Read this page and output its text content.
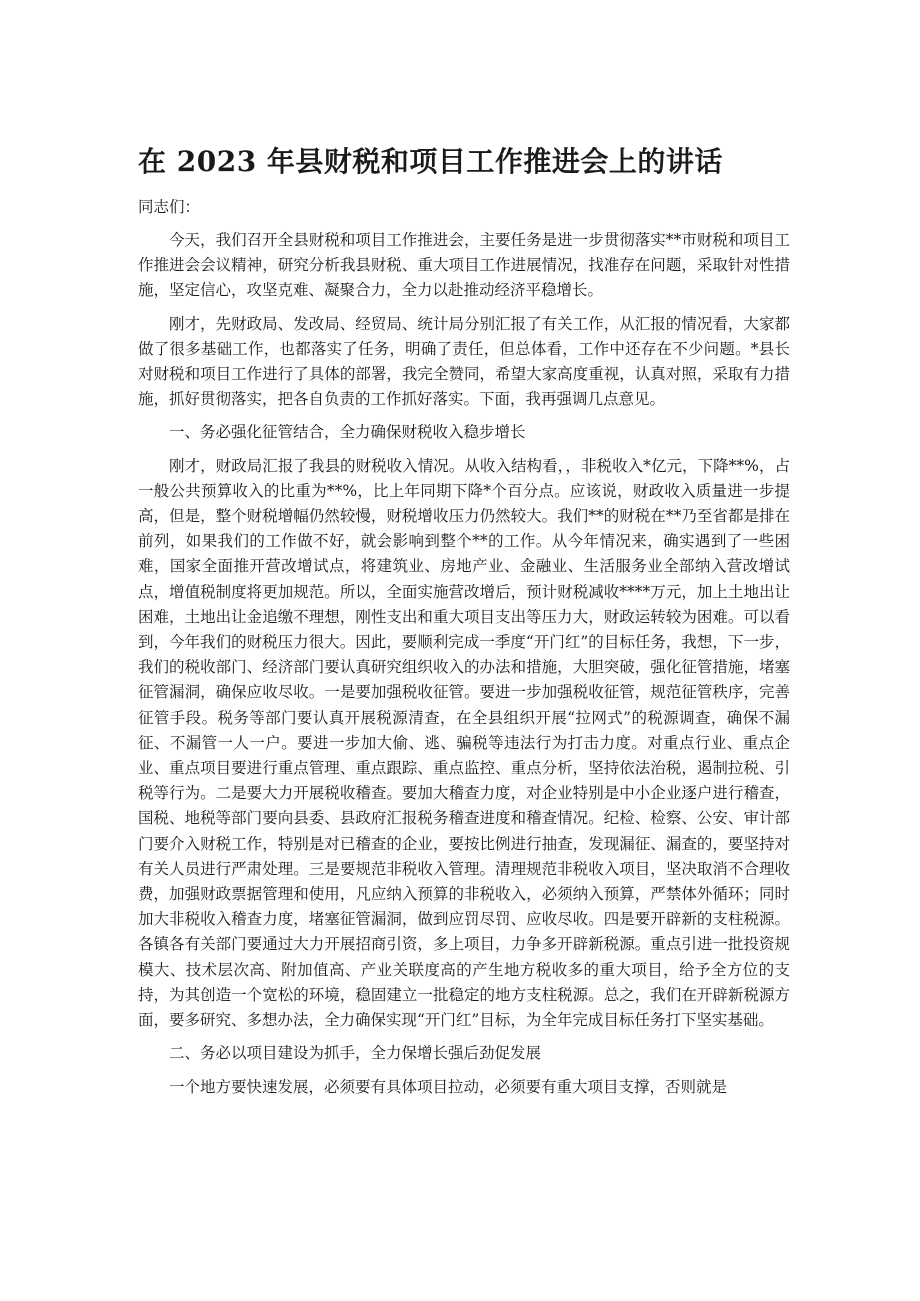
在 2023 年县财税和项目工作推进会上的讲话

同志们：

今天，我们召开全县财税和项目工作推进会，主要任务是进一步贯彻落实**市财税和项目工作推进会会议精神，研究分析我县财税、重大项目工作进展情况，找准存在问题，采取针对性措施，坚定信心，攻坚克难、凝聚合力，全力以赴推动经济平稳增长。

刚才，先财政局、发改局、经贸局、统计局分别汇报了有关工作，从汇报的情况看，大家都做了很多基础工作，也都落实了任务，明确了责任，但总体看，工作中还存在不少问题。*县长对财税和项目工作进行了具体的部署，我完全赞同，希望大家高度重视，认真对照，采取有力措施，抓好贯彻落实，把各自负责的工作抓好落实。下面，我再强调几点意见。

一、务必强化征管结合，全力确保财税收入稳步增长

刚才，财政局汇报了我县的财税收入情况。从收入结构看，，非税收入*亿元，下降**%，占一般公共预算收入的比重为**%，比上年同期下降*个百分点。应该说，财政收入质量进一步提高，但是，整个财税增幅仍然较慢，财税增收压力仍然较大。我们**的财税在**乃至省都是排在前列，如果我们的工作做不好，就会影响到整个**的工作。从今年情况来，确实遇到了一些困难，国家全面推开营改增试点，将建筑业、房地产业、金融业、生活服务业全部纳入营改增试点，增值税制度将更加规范。所以，全面实施营改增后，预计财税减收****万元，加上土地出让困难，土地出让金追缴不理想，刚性支出和重大项目支出等压力大，财政运转较为困难。可以看到，今年我们的财税压力很大。因此，要顺利完成一季度“开门红”的目标任务，我想，下一步，我们的税收部门、经济部门要认真研究组织收入的办法和措施，大胆突破，强化征管措施，堵塞征管漏洞，确保应收尽收。一是要加强税收征管。要进一步加强税收征管，规范征管秩序，完善征管手段。税务等部门要认真开展税源清查，在全县组织开展“拉网式”的税源调查，确保不漏征、不漏管一人一户。要进一步加大偷、逃、骗税等违法行为打击力度。对重点行业、重点企业、重点项目要进行重点管理、重点跟踪、重点监控、重点分析，坚持依法治税，遏制拉税、引税等行为。二是要大力开展税收稽查。要加大稽查力度，对企业特别是中小企业逐户进行稽查，国税、地税等部门要向县委、县政府汇报税务稽查进度和稽查情况。纪检、检察、公安、审计部门要介入财税工作，特别是对已稽查的企业，要按比例进行抽查，发现漏征、漏查的，要坚持对有关人员进行严肃处理。三是要规范非税收入管理。清理规范非税收入项目，坚决取消不合理收费，加强财政票据管理和使用，凡应纳入预算的非税收入，必须纳入预算，严禁体外循环；同时加大非税收入稽查力度，堵塞征管漏洞，做到应罚尽罚、应收尽收。四是要开辟新的支柱税源。各镇各有关部门要通过大力开展招商引资，多上项目，力争多开辟新税源。重点引进一批投资规模大、技术层次高、附加值高、产业关联度高的产生地方税收多的重大项目，给予全方位的支持，为其创造一个宽松的环境，稳固建立一批稳定的地方支柱税源。总之，我们在开辟新税源方面，要多研究、多想办法，全力确保实现“开门红”目标，为全年完成目标任务打下坚实基础。

二、务必以项目建设为抓手，全力保增长强后劲促发展

一个地方要快速发展，必须要有具体项目拉动，必须要有重大项目支撑，否则就是
